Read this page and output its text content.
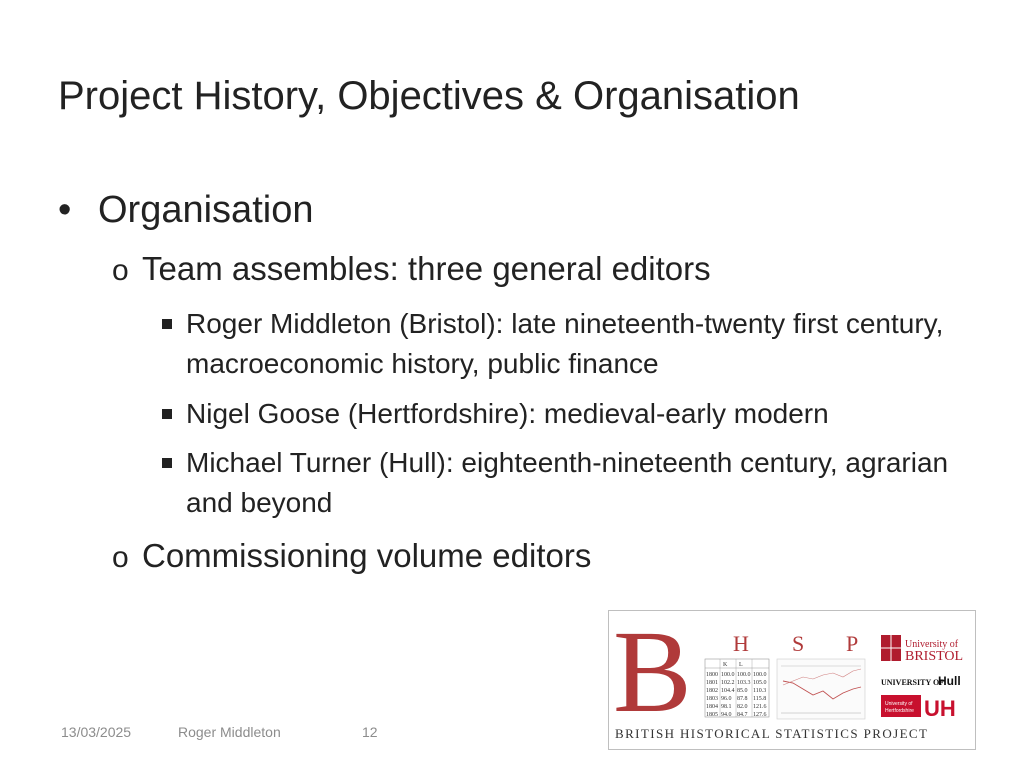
Project History, Objectives & Organisation
• Organisation
o Team assembles: three general editors
Roger Middleton (Bristol): late nineteenth-twenty first century, macroeconomic history, public finance
Nigel Goose (Hertfordshire): medieval-early modern
Michael Turner (Hull): eighteenth-nineteenth century, agrarian and beyond
o Commissioning volume editors
13/03/2025	Roger Middleton	12 B H S P
K L
1800 100.0 100.0 100.0
1801 102.2 103.3 105.0
1802 104.4 85.0 110.3
1803 96.0 87.8 115.8
1804 98.1 82.0 121.6
1805 94.0 84.7 127.6
University of
BRISTOL
UNIVERSITY OF
Hull
University of
Hertfordshire UH
BRITISH HISTORICAL STATISTICS PROJECT
